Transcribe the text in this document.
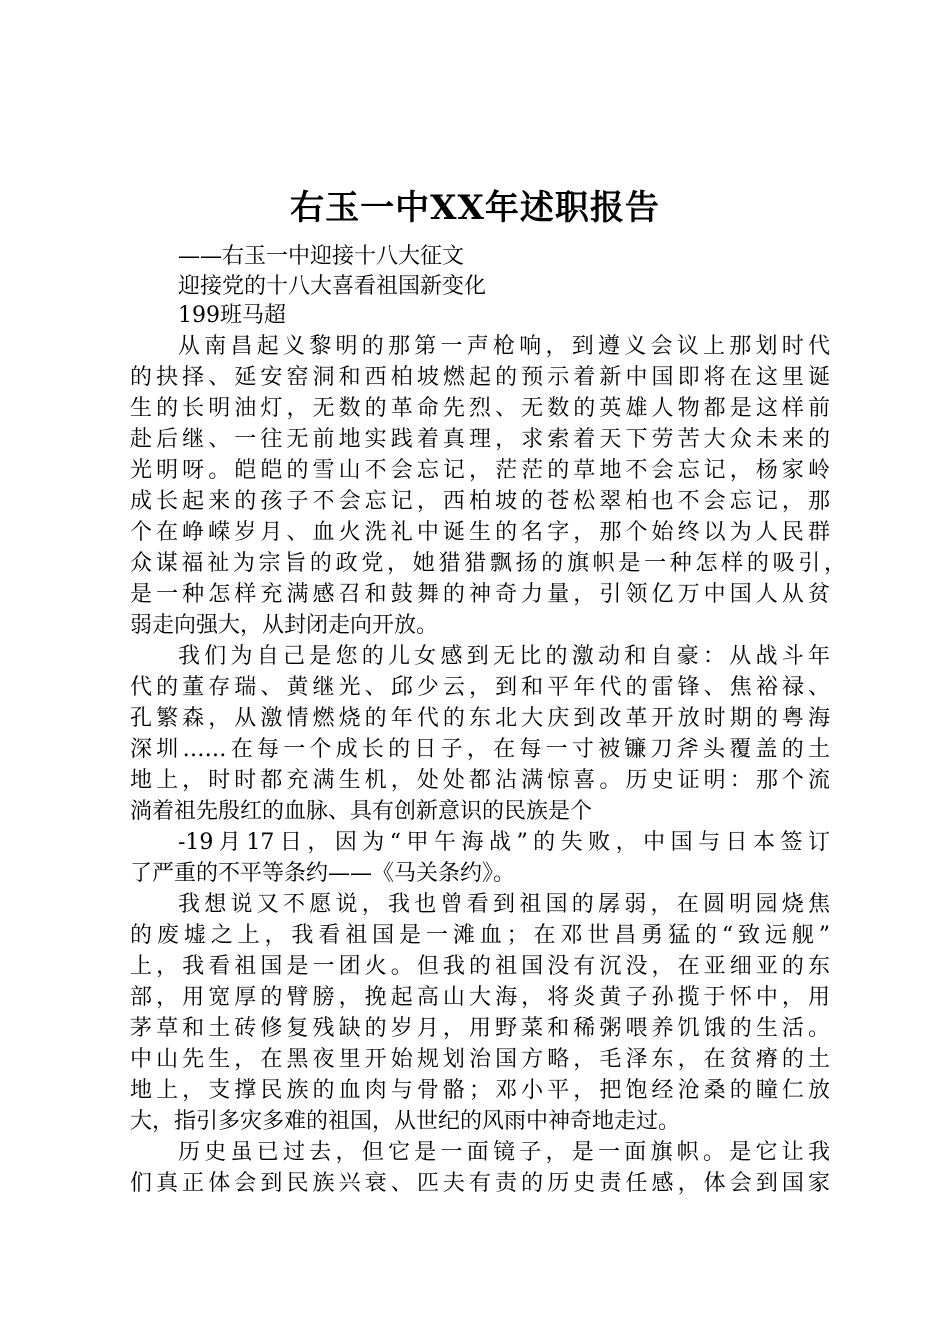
右玉一中XX年述职报告
——右玉一中迎接十八大征文
迎接党的十八大喜看祖国新变化
199班马超
从南昌起义黎明的那第一声枪响，到遵义会议上那划时代
的抉择、延安窑洞和西柏坡燃起的预示着新中国即将在这里诞
生的长明油灯，无数的革命先烈、无数的英雄人物都是这样前
赴后继、一往无前地实践着真理，求索着天下劳苦大众未来的
光明呀。皑皑的雪山不会忘记，茫茫的草地不会忘记，杨家岭
成长起来的孩子不会忘记，西柏坡的苍松翠柏也不会忘记，那
个在峥嵘岁月、血火洗礼中诞生的名字，那个始终以为人民群
众谋福祉为宗旨的政党，她猎猎飘扬的旗帜是一种怎样的吸引，
是一种怎样充满感召和鼓舞的神奇力量，引领亿万中国人从贫
弱走向强大，从封闭走向开放。
我们为自己是您的儿女感到无比的激动和自豪：从战斗年
代的董存瑞、黄继光、邱少云，到和平年代的雷锋、焦裕禄、
孔繁森，从激情燃烧的年代的东北大庆到改革开放时期的粤海
深圳……在每一个成长的日子，在每一寸被镰刀斧头覆盖的土
地上，时时都充满生机，处处都沾满惊喜。历史证明：那个流
淌着祖先殷红的血脉、具有创新意识的民族是个
-19月17日，因为“甲午海战”的失败，中国与日本签订
了严重的不平等条约——《马关条约》。
我想说又不愿说，我也曾看到祖国的孱弱，在圆明园烧焦
的废墟之上，我看祖国是一滩血；在邓世昌勇猛的“致远舰”
上，我看祖国是一团火。但我的祖国没有沉没，在亚细亚的东
部，用宽厚的臂膀，挽起高山大海，将炎黄子孙揽于怀中，用
茅草和土砖修复残缺的岁月，用野菜和稀粥喂养饥饿的生活。
中山先生，在黑夜里开始规划治国方略，毛泽东，在贫瘠的土
地上，支撑民族的血肉与骨骼；邓小平，把饱经沧桑的瞳仁放
大，指引多灾多难的祖国，从世纪的风雨中神奇地走过。
历史虽已过去，但它是一面镜子，是一面旗帜。是它让我
们真正体会到民族兴衰、匹夫有责的历史责任感，体会到国家
